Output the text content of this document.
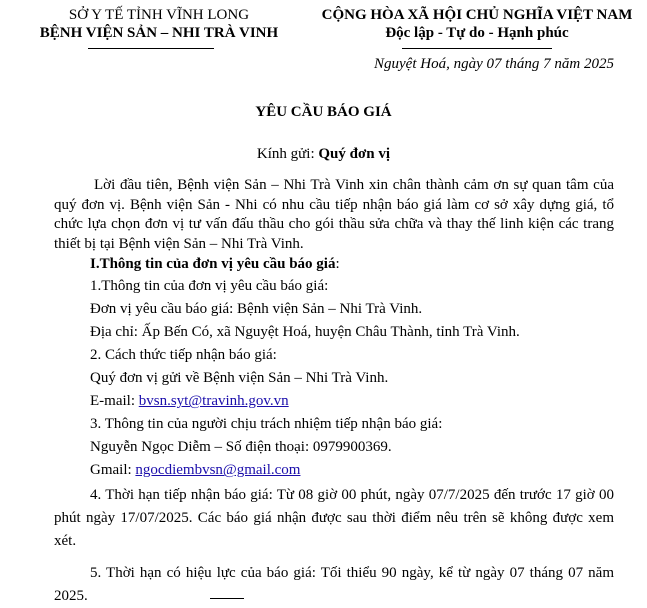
SỞ Y TẾ TỈNH VĨNH LONG
BỆNH VIỆN SẢN – NHI TRÀ VINH
CỘNG HÒA XÃ HỘI CHỦ NGHĨA VIỆT NAM
Độc lập - Tự do - Hạnh phúc
Nguyệt Hoá, ngày 07 tháng 7 năm 2025
YÊU CẦU BÁO GIÁ
Kính gửi: Quý đơn vị

Lời đầu tiên, Bệnh viện Sản – Nhi Trà Vinh xin chân thành cảm ơn sự quan tâm của quý đơn vị. Bệnh viện Sản - Nhi có nhu cầu tiếp nhận báo giá làm cơ sở xây dựng giá, tổ chức lựa chọn đơn vị tư vấn đấu thầu cho gói thầu sửa chữa và thay thế linh kiện các trang thiết bị tại Bệnh viện Sản – Nhi Trà Vinh.

I.Thông tin của đơn vị yêu cầu báo giá:

1.Thông tin của đơn vị yêu cầu báo giá:

Đơn vị yêu cầu báo giá: Bệnh viện Sản – Nhi Trà Vinh.

Địa chỉ: Ấp Bến Có, xã Nguyệt Hoá, huyện Châu Thành, tỉnh Trà Vinh.

2. Cách thức tiếp nhận báo giá:

Quý đơn vị gửi về Bệnh viện Sản – Nhi Trà Vinh.

E-mail: bvsn.syt@travinh.gov.vn

3. Thông tin của người chịu trách nhiệm tiếp nhận báo giá:

Nguyễn Ngọc Diễm – Số điện thoại: 0979900369.

Gmail: ngocdiembvsn@gmail.com

4. Thời hạn tiếp nhận báo giá: Từ 08 giờ 00 phút, ngày 07/7/2025 đến trước 17 giờ 00 phút ngày 17/07/2025. Các báo giá nhận được sau thời điểm nêu trên sẽ không được xem xét.

5. Thời hạn có hiệu lực của báo giá: Tối thiểu 90 ngày, kể từ ngày 07 tháng 07 năm 2025.
